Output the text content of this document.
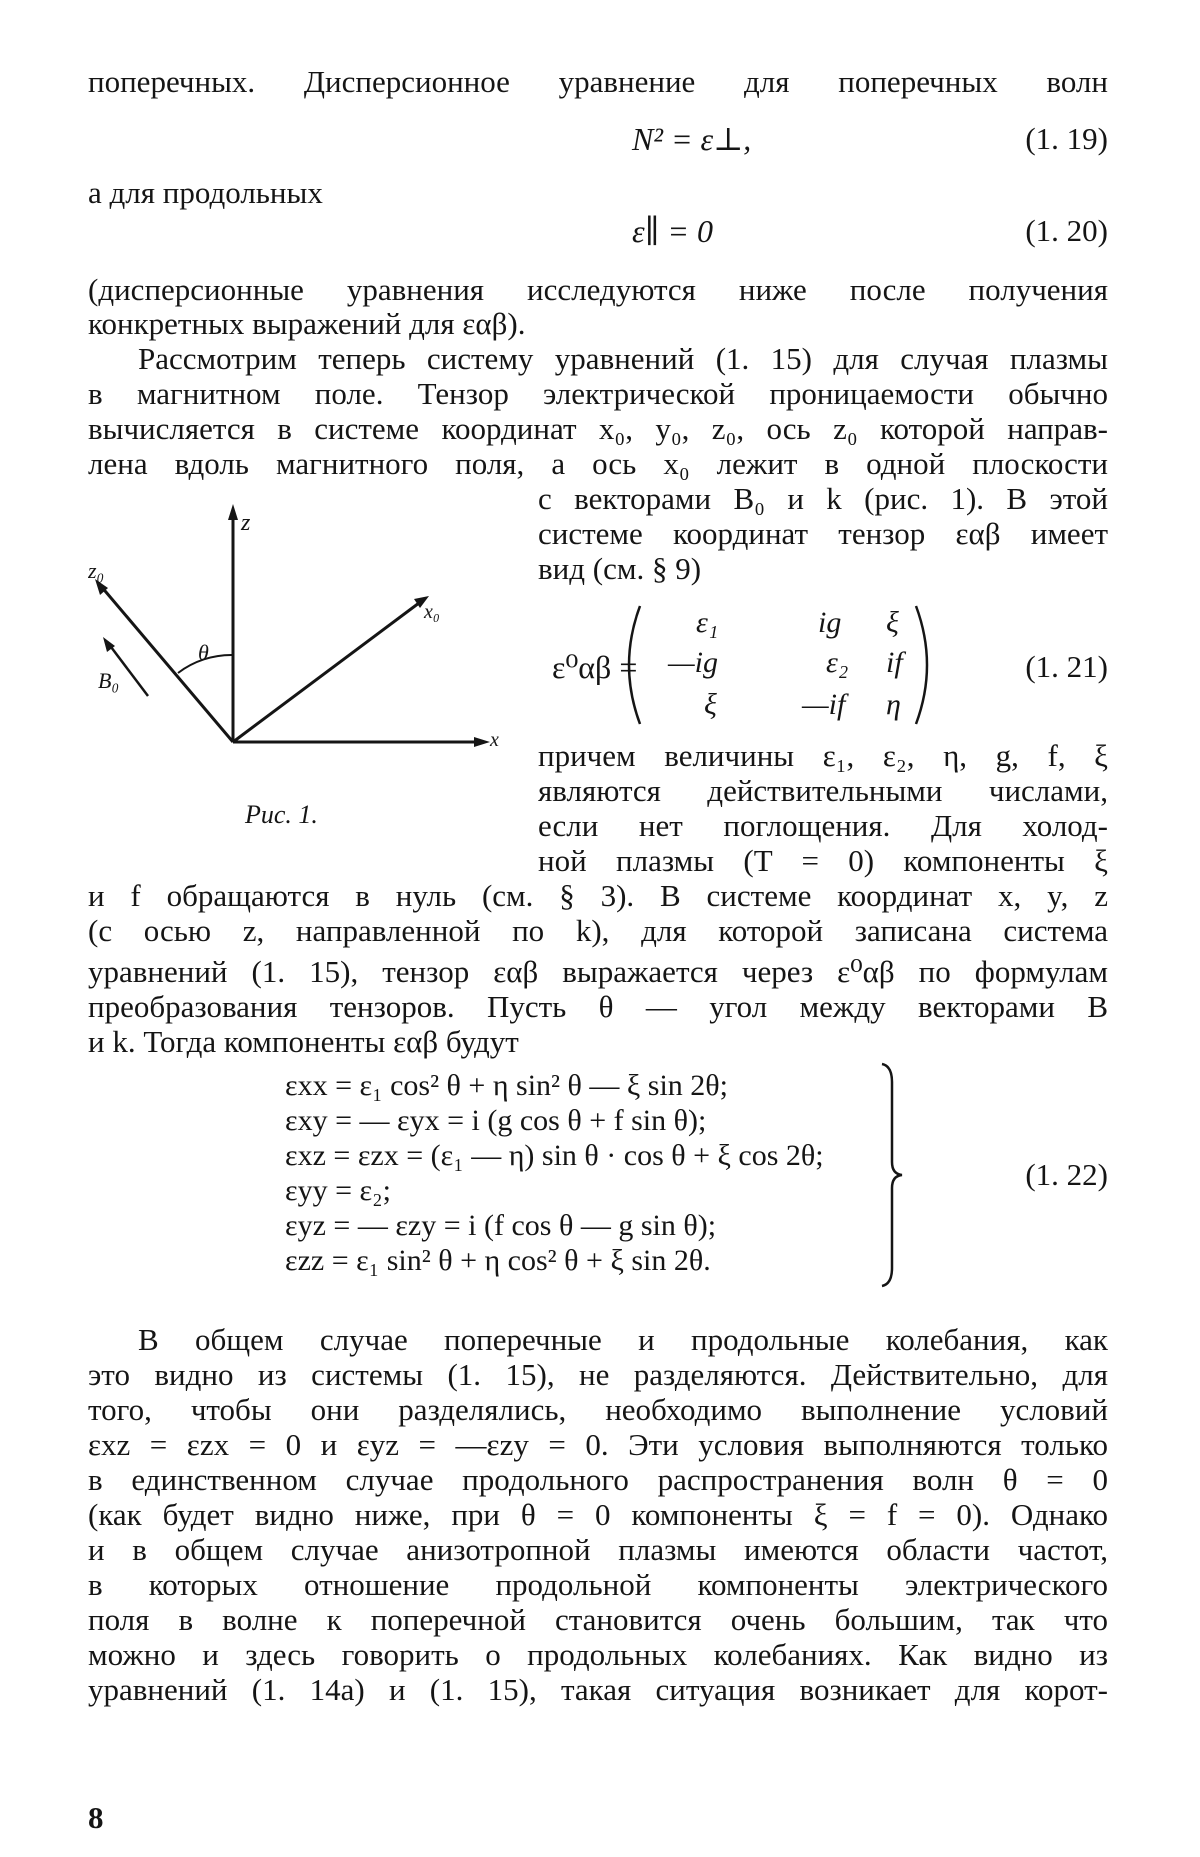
поперечных. Дисперсионное уравнение для поперечных волн
N² = ε⊥,	(1. 19)
а для продольных
ε∥ = 0	(1. 20)
(дисперсионные уравнения исследуются ниже после получения
конкретных выражений для εαβ).
Рассмотрим теперь систему уравнений (1. 15) для случая плазмы
в магнитном поле. Тензор электрической проницаемости обычно
вычисляется в системе координат x₀, y₀, z₀, ось z₀ которой направ-
лена вдоль магнитного поля, а ось x₀ лежит в одной плоскости
с векторами B₀ и k (рис. 1). В этой
системе координат тензор εαβ имеет
вид (см. § 9)
z
z₀
x₀
x
B₀
θ
Рис. 1.
ε⁰αβ =
ε₁	ig ξ
—ig	ε₂ if
ξ	—if η
(1. 21)
причем величины ε₁, ε₂, η, g, f, ξ
являются действительными числами,
если нет поглощения. Для холод-
ной плазмы (T = 0) компоненты ξ
и f обращаются в нуль (см. § 3). В системе координат x, y, z
(с осью z, направленной по k), для которой записана система
уравнений (1. 15), тензор εαβ выражается через ε⁰αβ по формулам
преобразования тензоров. Пусть θ — угол между векторами B
и k. Тогда компоненты εαβ будут
εxx = ε₁ cos² θ + η sin² θ — ξ sin 2θ;
εxy = — εyx = i (g cos θ + f sin θ);
εxz = εzx = (ε₁ — η) sin θ · cos θ + ξ cos 2θ;
εyy = ε₂;
εyz = — εzy = i (f cos θ — g sin θ);
εzz = ε₁ sin² θ + η cos² θ + ξ sin 2θ.
(1. 22)
В общем случае поперечные и продольные колебания, как
это видно из системы (1. 15), не разделяются. Действительно, для
того, чтобы они разделялись, необходимо выполнение условий
εxz = εzx = 0 и εyz = —εzy = 0. Эти условия выполняются только
в единственном случае продольного распространения волн θ = 0
(как будет видно ниже, при θ = 0 компоненты ξ = f = 0). Однако
и в общем случае анизотропной плазмы имеются области частот,
в которых отношение продольной компоненты электрического
поля в волне к поперечной становится очень большим, так что
можно и здесь говорить о продольных колебаниях. Как видно из
уравнений (1. 14а) и (1. 15), такая ситуация возникает для корот-
8
